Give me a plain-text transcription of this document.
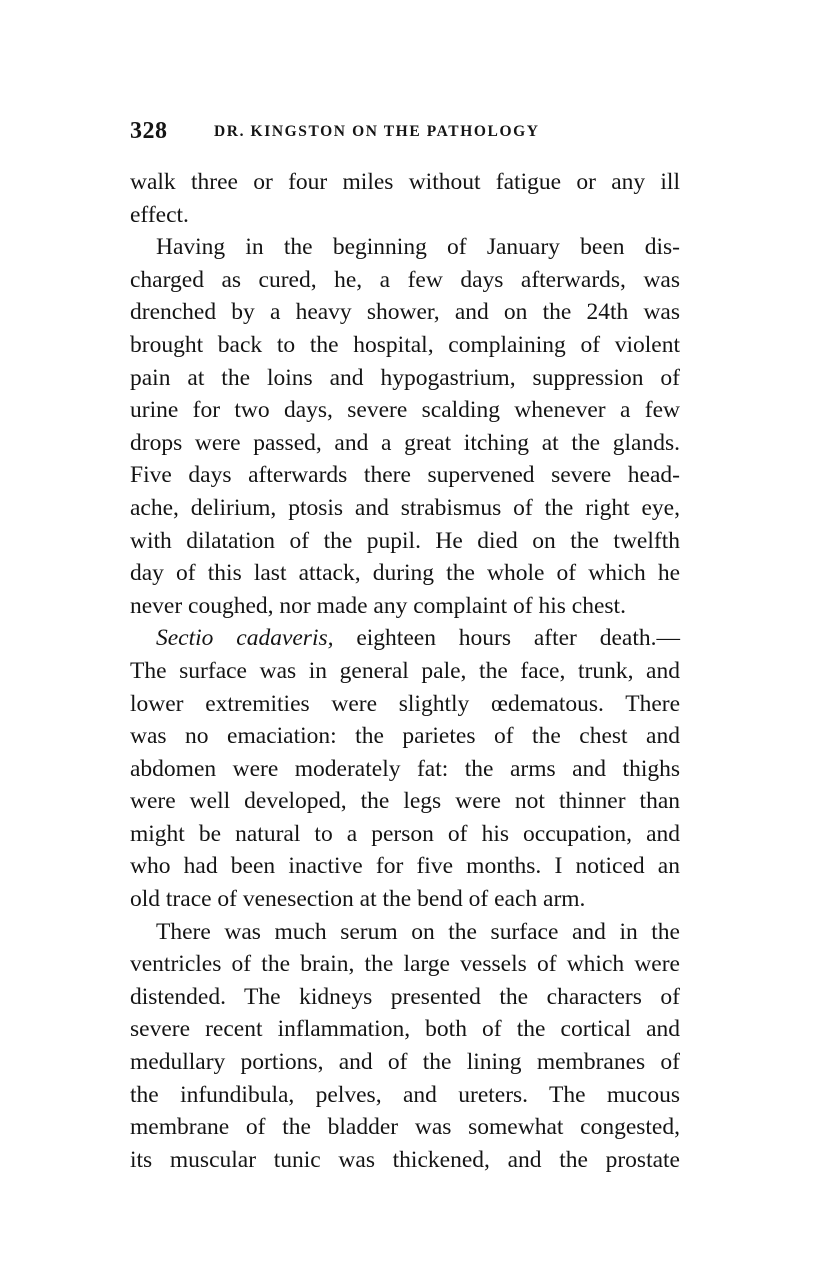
328	DR. KINGSTON ON THE PATHOLOGY

walk three or four miles without fatigue or any ill

effect.

Having in the beginning of January been dis-

charged as cured, he, a few days afterwards, was

drenched by a heavy shower, and on the 24th was

brought back to the hospital, complaining of violent

pain at the loins and hypogastrium, suppression of

urine for two days, severe scalding whenever a few

drops were passed, and a great itching at the glands.

Five days afterwards there supervened severe head-

ache, delirium, ptosis and strabismus of the right eye,

with dilatation of the pupil. He died on the twelfth

day of this last attack, during the whole of which he

never coughed, nor made any complaint of his chest.

Sectio cadaveris, eighteen hours after death.—

The surface was in general pale, the face, trunk, and

lower extremities were slightly œdematous. There

was no emaciation: the parietes of the chest and

abdomen were moderately fat: the arms and thighs

were well developed, the legs were not thinner than

might be natural to a person of his occupation, and

who had been inactive for five months. I noticed an

old trace of venesection at the bend of each arm.

There was much serum on the surface and in the

ventricles of the brain, the large vessels of which were

distended. The kidneys presented the characters of

severe recent inflammation, both of the cortical and

medullary portions, and of the lining membranes of

the infundibula, pelves, and ureters. The mucous

membrane of the bladder was somewhat congested,

its muscular tunic was thickened, and the prostate
